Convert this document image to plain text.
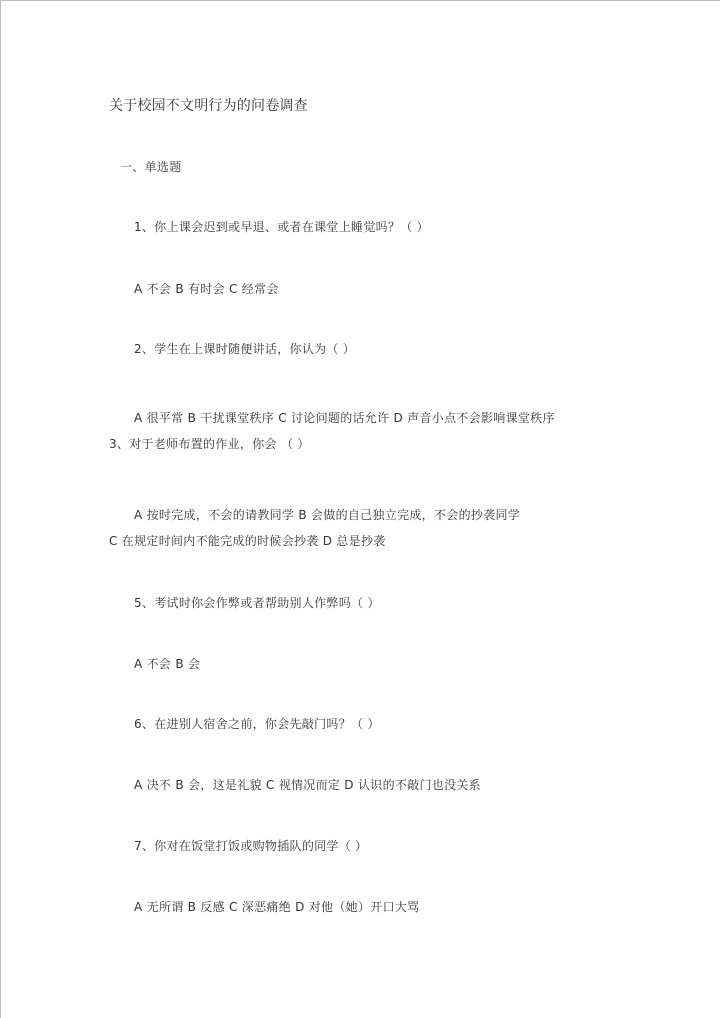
关于校园不文明行为的问卷调查
一、单选题
1、你上课会迟到或早退、或者在课堂上睡觉吗？（ ）
A 不会 B 有时会 C 经常会
2、学生在上课时随便讲话，你认为（ ）
A 很平常 B 干扰课堂秩序 C 讨论问题的话允许 D 声音小点不会影响课堂秩序
3、对于老师布置的作业，你会 （ ）
A 按时完成，不会的请教同学 B 会做的自己独立完成，不会的抄袭同学
C 在规定时间内不能完成的时候会抄袭 D 总是抄袭
5、考试时你会作弊或者帮助别人作弊吗（ ）
A 不会 B 会
6、在进别人宿舍之前，你会先敲门吗？（ ）
A 决不 B 会，这是礼貌 C 视情况而定 D 认识的不敲门也没关系
7、你对在饭堂打饭或购物插队的同学（ ）
A 无所谓 B 反感 C 深恶痛绝 D 对他（她）开口大骂
